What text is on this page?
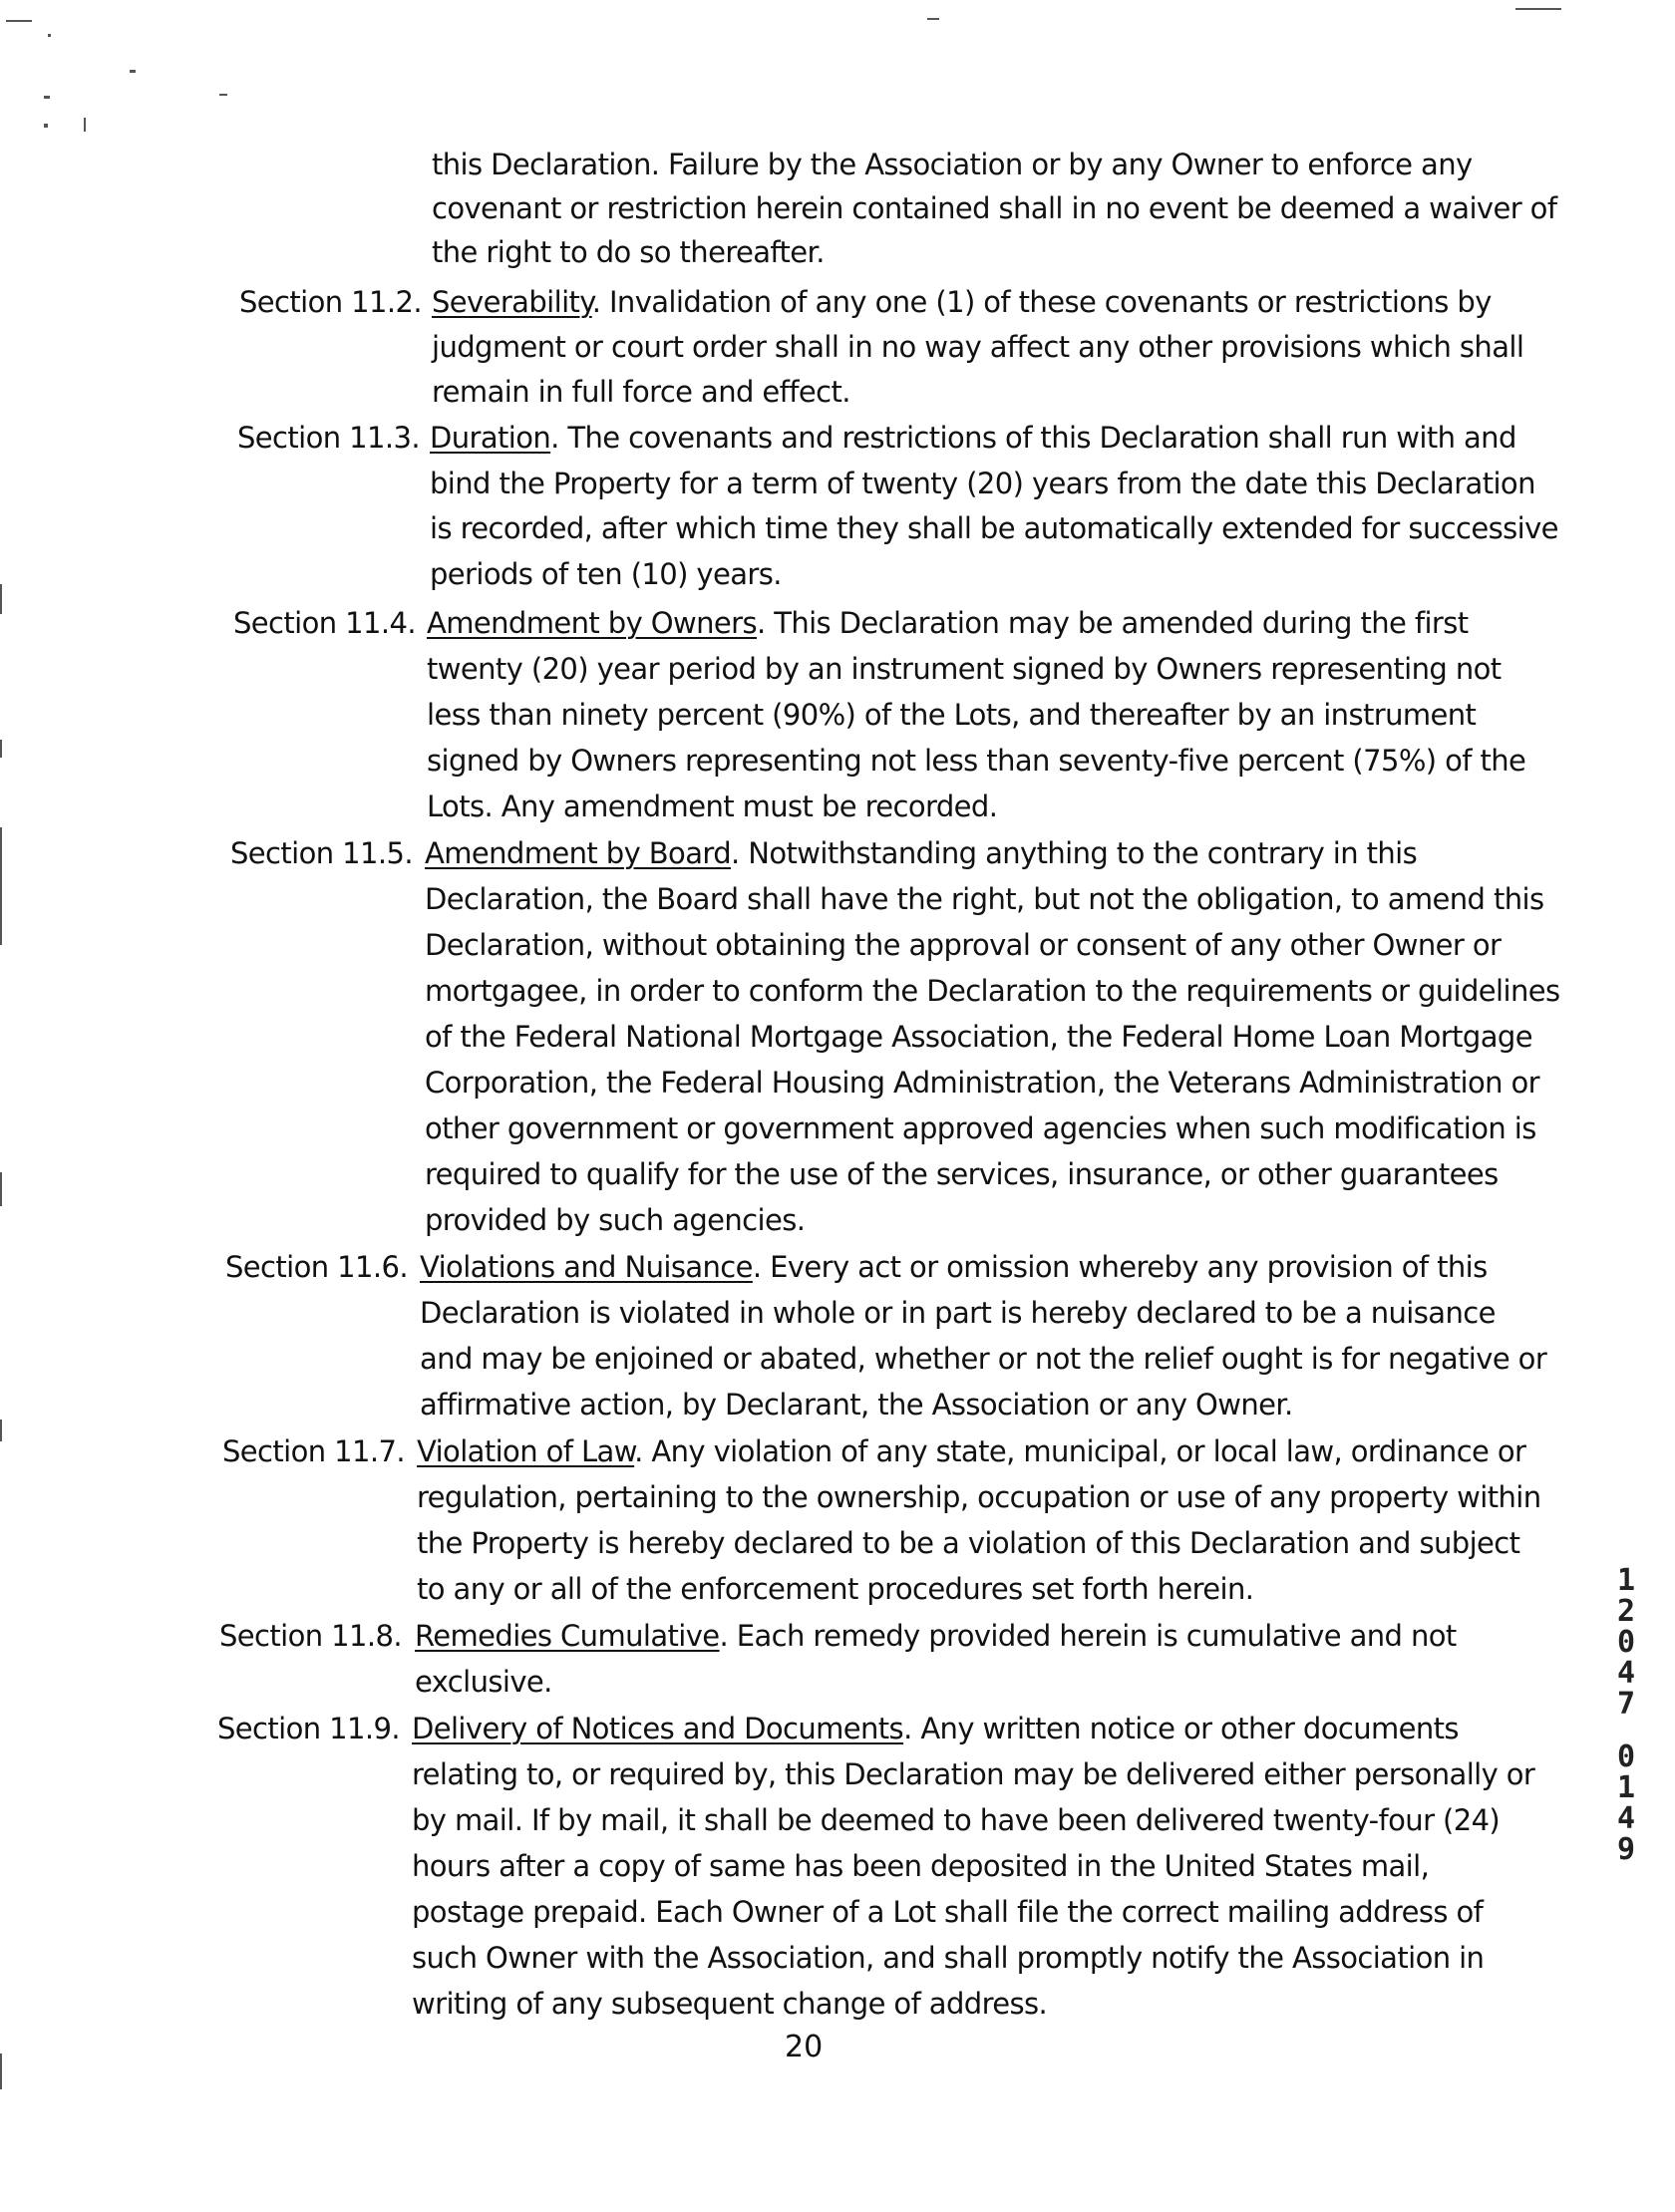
this Declaration. Failure by the Association or by any Owner to enforce any
covenant or restriction herein contained shall in no event be deemed a waiver of
the right to do so thereafter.
Section 11.2. Severability. Invalidation of any one (1) of these covenants or restrictions by
judgment or court order shall in no way affect any other provisions which shall
remain in full force and effect.
Section 11.3. Duration. The covenants and restrictions of this Declaration shall run with and
bind the Property for a term of twenty (20) years from the date this Declaration
is recorded, after which time they shall be automatically extended for successive
periods of ten (10) years.
Section 11.4. Amendment by Owners. This Declaration may be amended during the first
twenty (20) year period by an instrument signed by Owners representing not
less than ninety percent (90%) of the Lots, and thereafter by an instrument
signed by Owners representing not less than seventy-five percent (75%) of the
Lots. Any amendment must be recorded.
Section 11.5. Amendment by Board. Notwithstanding anything to the contrary in this
Declaration, the Board shall have the right, but not the obligation, to amend this
Declaration, without obtaining the approval or consent of any other Owner or
mortgagee, in order to conform the Declaration to the requirements or guidelines
of the Federal National Mortgage Association, the Federal Home Loan Mortgage
Corporation, the Federal Housing Administration, the Veterans Administration or
other government or government approved agencies when such modification is
required to qualify for the use of the services, insurance, or other guarantees
provided by such agencies.
Section 11.6. Violations and Nuisance. Every act or omission whereby any provision of this
Declaration is violated in whole or in part is hereby declared to be a nuisance
and may be enjoined or abated, whether or not the relief ought is for negative or
affirmative action, by Declarant, the Association or any Owner.
Section 11.7. Violation of Law. Any violation of any state, municipal, or local law, ordinance or
regulation, pertaining to the ownership, occupation or use of any property within
the Property is hereby declared to be a violation of this Declaration and subject
to any or all of the enforcement procedures set forth herein.
Section 11.8. Remedies Cumulative. Each remedy provided herein is cumulative and not
exclusive.
Section 11.9. Delivery of Notices and Documents. Any written notice or other documents
relating to, or required by, this Declaration may be delivered either personally or
by mail. If by mail, it shall be deemed to have been delivered twenty-four (24)
hours after a copy of same has been deposited in the United States mail,
postage prepaid. Each Owner of a Lot shall file the correct mailing address of
such Owner with the Association, and shall promptly notify the Association in
writing of any subsequent change of address.
20
1
2
0
4
7
0
1
4
9
